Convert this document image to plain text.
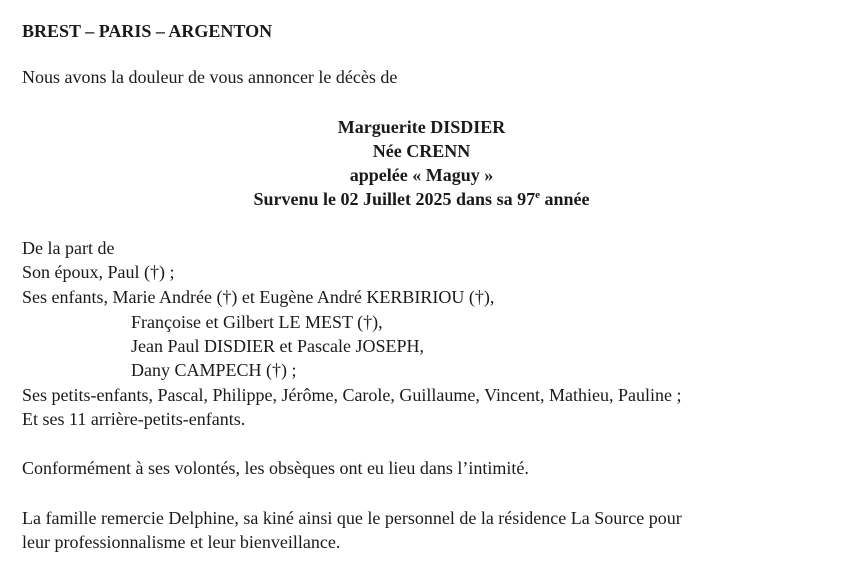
BREST – PARIS – ARGENTON
Nous avons la douleur de vous annoncer le décès de
Marguerite DISDIER
Née CRENN
appelée « Maguy »
Survenu le 02 Juillet 2025 dans sa 97e année
De la part de
Son époux, Paul (†) ;
Ses enfants, Marie Andrée (†) et Eugène André KERBIRIOU (†),
Françoise et Gilbert LE MEST (†),
Jean Paul DISDIER et Pascale JOSEPH,
Dany CAMPECH (†) ;
Ses petits-enfants, Pascal, Philippe, Jérôme, Carole, Guillaume, Vincent, Mathieu, Pauline ;
Et ses 11 arrière-petits-enfants.
Conformément à ses volontés, les obsèques ont eu lieu dans l’intimité.
La famille remercie Delphine, sa kiné ainsi que le personnel de la résidence La Source pour
leur professionnalisme et leur bienveillance.
